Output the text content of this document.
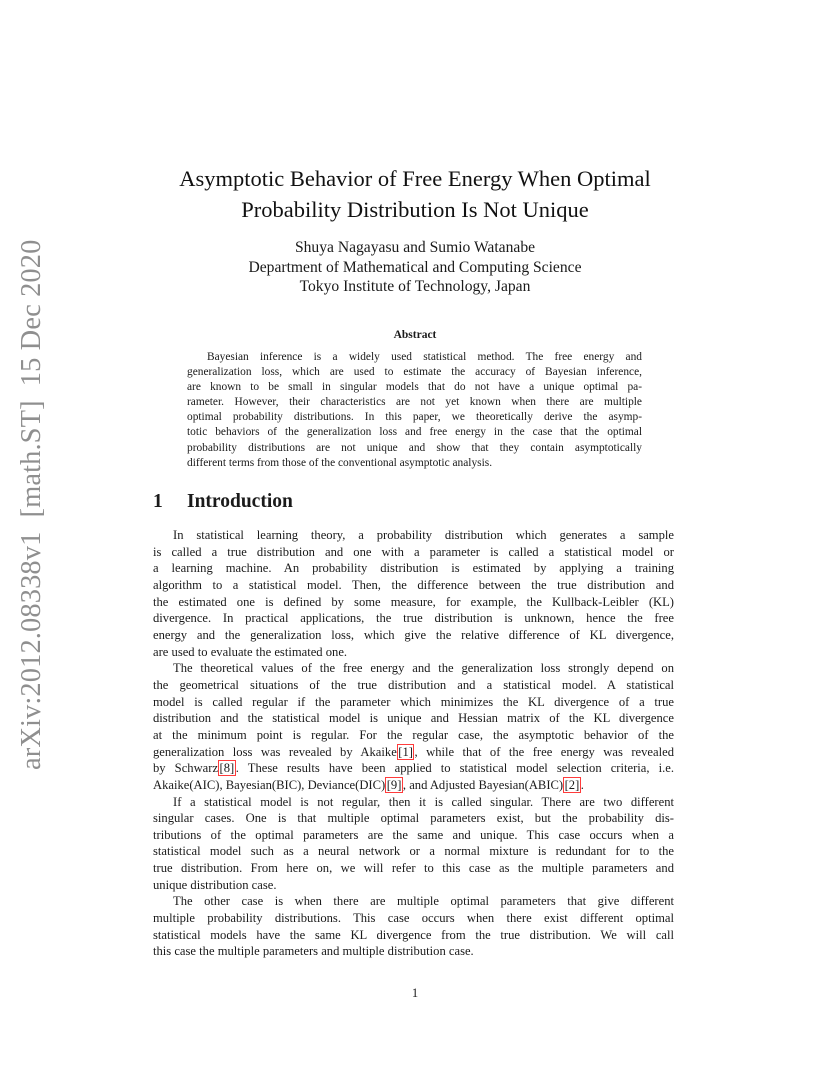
arXiv:2012.08338v1[math.ST]15 Dec 2020
Asymptotic Behavior of Free Energy When Optimal
Probability Distribution Is Not Unique
Shuya Nagayasu and Sumio Watanabe
Department of Mathematical and Computing Science
Tokyo Institute of Technology, Japan
Abstract
Bayesian inference is a widely used statistical method. The free energy and
generalization loss, which are used to estimate the accuracy of Bayesian inference,
are known to be small in singular models that do not have a unique optimal pa-
rameter. However, their characteristics are not yet known when there are multiple
optimal probability distributions. In this paper, we theoretically derive the asymp-
totic behaviors of the generalization loss and free energy in the case that the optimal
probability distributions are not unique and show that they contain asymptotically
different terms from those of the conventional asymptotic analysis.
1 Introduction
In statistical learning theory, a probability distribution which generates a sample
is called a true distribution and one with a parameter is called a statistical model or
a learning machine. An probability distribution is estimated by applying a training
algorithm to a statistical model. Then, the difference between the true distribution and
the estimated one is defined by some measure, for example, the Kullback-Leibler (KL)
divergence. In practical applications, the true distribution is unknown, hence the free
energy and the generalization loss, which give the relative difference of KL divergence,
are used to evaluate the estimated one.
The theoretical values of the free energy and the generalization loss strongly depend on
the geometrical situations of the true distribution and a statistical model. A statistical
model is called regular if the parameter which minimizes the KL divergence of a true
distribution and the statistical model is unique and Hessian matrix of the KL divergence
at the minimum point is regular. For the regular case, the asymptotic behavior of the
generalization loss was revealed by Akaike [1] , while that of the free energy was revealed
by Schwarz [8] . These results have been applied to statistical model selection criteria, i.e.
Akaike(AIC), Bayesian(BIC), Deviance(DIC) [9] , and Adjusted Bayesian(ABIC) [2] .
If a statistical model is not regular, then it is called singular. There are two different
singular cases. One is that multiple optimal parameters exist, but the probability dis-
tributions of the optimal parameters are the same and unique. This case occurs when a
statistical model such as a neural network or a normal mixture is redundant for to the
true distribution. From here on, we will refer to this case as the multiple parameters and
unique distribution case.
The other case is when there are multiple optimal parameters that give different
multiple probability distributions. This case occurs when there exist different optimal
statistical models have the same KL divergence from the true distribution. We will call
this case the multiple parameters and multiple distribution case.
1
